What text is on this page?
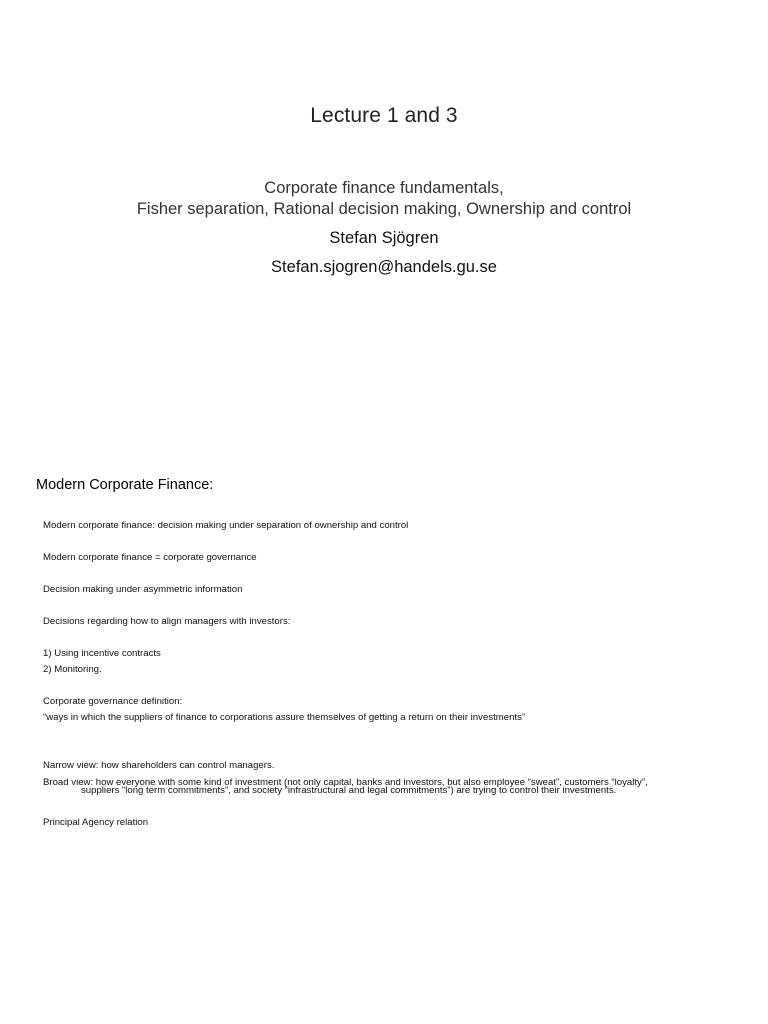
Lecture 1 and 3
Corporate finance fundamentals,
Fisher separation, Rational decision making, Ownership and control
Stefan Sjögren
Stefan.sjogren@handels.gu.se
Modern Corporate Finance:
Modern corporate finance: decision making under separation of ownership and control
Modern corporate finance = corporate governance
Decision making under asymmetric information
Decisions regarding how to align managers with investors:
1) Using incentive contracts
2) Monitoring.
Corporate governance definition:
“ways in which the suppliers of finance to corporations assure themselves of getting a return on their investments”
Narrow view: how shareholders can control managers.
Broad view: how everyone with some kind of investment (not only capital, banks and investors, but also employee “sweat”, customers “loyalty”,
suppliers “long term commitments”, and society “infrastructural and legal commitments”) are trying to control their investments.
Principal Agency relation
